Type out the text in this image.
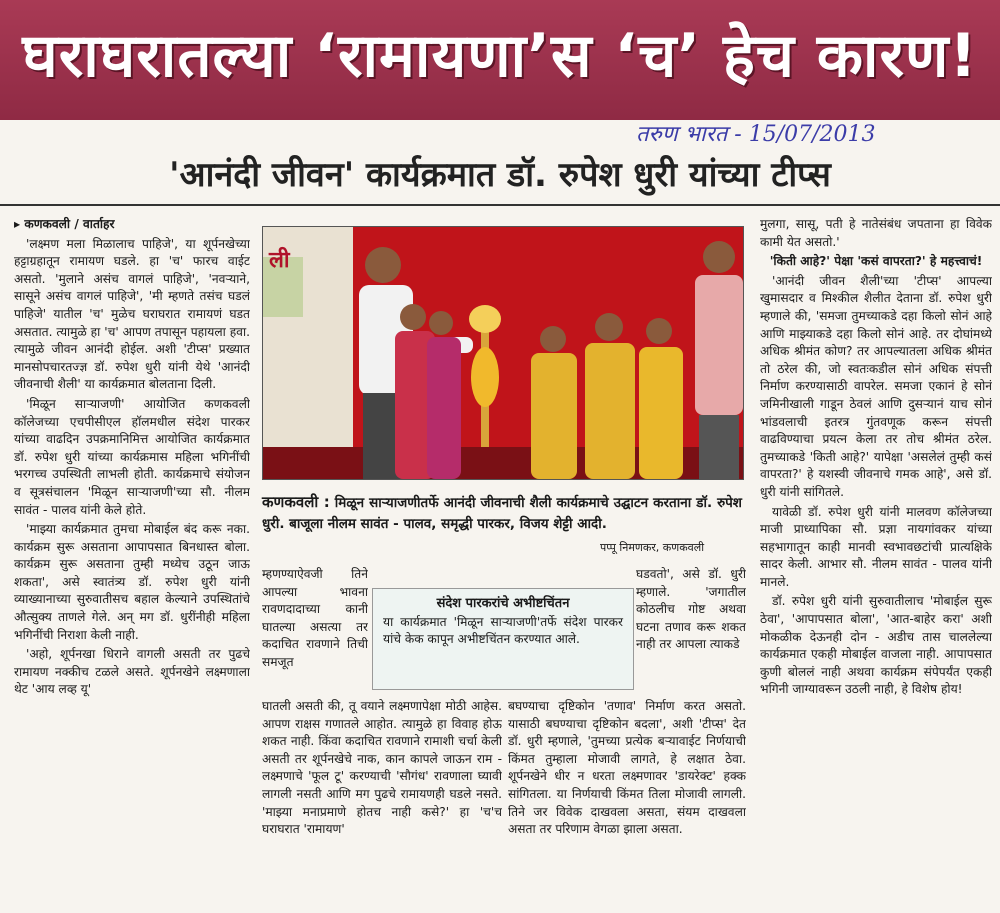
घराघरातल्या ‘रामायणा’स ‘च’ हेच कारण!
तरुण भारत - 15/07/2013
'आनंदी जीवन' कार्यक्रमात डॉ. रुपेश धुरी यांच्या टीप्स

▸ कणकवली / वार्ताहर

'लक्ष्मण मला मिळालाच पाहिजे', या शूर्पनखेच्या हट्टाग्रहातून रामायण घडले. हा 'च' फारच वाईट असतो. 'मुलाने असंच वागलं पाहिजे', 'नवऱ्याने, सासूने असंच वागलं पाहिजे', 'मी म्हणते तसंच घडलं पाहिजे' यातील 'च' मुळेच घराघरात रामायणं घडत असतात. त्यामुळे हा 'च' आपण तपासून पहायला हवा. त्यामुळे जीवन आनंदी होईल. अशी 'टीप्स' प्रख्यात मानसोपचारतज्ज्ञ डॉ. रुपेश धुरी यांनी येथे 'आनंदी जीवनाची शैली' या कार्यक्रमात बोलताना दिली.

'मिळून साऱ्याजणी' आयोजित कणकवली कॉलेजच्या एचपीसीएल हॉलमधील संदेश पारकर यांच्या वाढदिन उपक्रमानिमित्त आयोजित कार्यक्रमात डॉ. रुपेश धुरी यांच्या कार्यक्रमास महिला भगिनींची भरगच्च उपस्थिती लाभली होती. कार्यक्रमाचे संयोजन व सूत्रसंचालन 'मिळून साऱ्याजणी'च्या सौ. नीलम सावंत - पालव यांनी केले होते.

'माझ्या कार्यक्रमात तुमचा मोबाईल बंद करू नका. कार्यक्रम सुरू असताना आपापसात बिनधास्त बोला. कार्यक्रम सुरू असताना तुम्ही मध्येच उठून जाऊ शकता', असे स्वातंत्र्य डॉ. रुपेश धुरी यांनी व्याख्यानाच्या सुरुवातीसच बहाल केल्याने उपस्थितांचे औत्सुक्य ताणले गेले. अन् मग डॉ. धुरींनीही महिला भगिनींची निराशा केली नाही.

'अहो, शूर्पनखा धिराने वागली असती तर पुढचे रामायण नक्कीच टळले असते. शूर्पनखेने लक्ष्मणाला थेट 'आय लव्ह यू'

ली
कणकवली : मिळून साऱ्याजणीतर्फे आनंदी जीवनाची शैली कार्यक्रमाचे उद्घाटन करताना डॉ. रुपेश धुरी. बाजूला नीलम सावंत - पालव, समृद्धी पारकर, विजय शेट्टी आदी.
पप्पू निमणकर, कणकवली

म्हणण्याऐवजी तिने आपल्या भावना रावणदादाच्या कानी घातल्या असत्या तर कदाचित रावणाने तिची समजूत

घातली असती की, तू वयाने लक्ष्मणापेक्षा मोठी आहेस. आपण राक्षस गणातले आहोत. त्यामुळे हा विवाह होऊ शकत नाही. किंवा कदाचित रावणाने रामाशी चर्चा केली असती तर शूर्पनखेचे नाक, कान कापले जाऊन राम - लक्ष्मणाचे 'फूल टू' करण्याची 'सौगंध' रावणाला घ्यावी लागली नसती आणि मग पुढचे रामायणही घडले नसते. 'माझ्या मनाप्रमाणे होतच नाही कसे?' हा 'च'च घराघरात 'रामायण'

संदेश पारकरांचे अभीष्टचिंतन
या कार्यक्रमात 'मिळून साऱ्याजणी'तर्फे संदेश पारकर यांचे केक कापून अभीष्टचिंतन करण्यात आले.

घडवतो', असे डॉ. धुरी म्हणाले. 'जगातील कोठलीच गोष्ट अथवा घटना तणाव करू शकत नाही तर आपला त्याकडे

बघण्याचा दृष्टिकोन 'तणाव' निर्माण करत असतो. यासाठी बघण्याचा दृष्टिकोन बदला', अशी 'टीप्स' देत डॉ. धुरी म्हणाले, 'तुमच्या प्रत्येक बऱ्यावाईट निर्णयाची किंमत तुम्हाला मोजावी लागते, हे लक्षात ठेवा. शूर्पनखेने धीर न धरता लक्ष्मणावर 'डायरेक्ट' हक्क सांगितला. या निर्णयाची किंमत तिला मोजावी लागली. तिने जर विवेक दाखवला असता, संयम दाखवला असता तर परिणाम वेगळा झाला असता.

मुलगा, सासू, पती हे नातेसंबंध जपताना हा विवेक कामी येत असतो.'

'किती आहे?' पेक्षा 'कसं वापरता?' हे महत्त्वाचं!

'आनंदी जीवन शैली'च्या 'टीप्स' आपल्या खुमासदार व मिश्कील शैलीत देताना डॉ. रुपेश धुरी म्हणाले की, 'समजा तुमच्याकडे दहा किलो सोनं आहे आणि माझ्याकडे दहा किलो सोनं आहे. तर दोघांमध्ये अधिक श्रीमंत कोण? तर आपल्यातला अधिक श्रीमंत तो ठरेल की, जो स्वतःकडील सोनं अधिक संपत्ती निर्माण करण्यासाठी वापरेल. समजा एकानं हे सोनं जमिनीखाली गाडून ठेवलं आणि दुसऱ्यानं याच सोनं भांडवलाची इतरत्र गुंतवणूक करून संपत्ती वाढविण्याचा प्रयत्न केला तर तोच श्रीमंत ठरेल. तुमच्याकडे 'किती आहे?' यापेक्षा 'असलेलं तुम्ही कसं वापरता?' हे यशस्वी जीवनाचे गमक आहे', असे डॉ. धुरी यांनी सांगितले.

यावेळी डॉ. रुपेश धुरी यांनी मालवण कॉलेजच्या माजी प्राध्यापिका सौ. प्रज्ञा नायगांवकर यांच्या सहभागातून काही मानवी स्वभावछटांची प्रात्यक्षिके सादर केली. आभार सौ. नीलम सावंत - पालव यांनी मानले.

डॉ. रुपेश धुरी यांनी सुरुवातीलाच 'मोबाईल सुरू ठेवा', 'आपापसात बोला', 'आत-बाहेर करा' अशी मोकळीक देऊनही दोन - अडीच तास चाललेल्या कार्यक्रमात एकही मोबाईल वाजला नाही. आपापसात कुणी बोललं नाही अथवा कार्यक्रम संपेपर्यंत एकही भगिनी जाग्यावरून उठली नाही, हे विशेष होय!
